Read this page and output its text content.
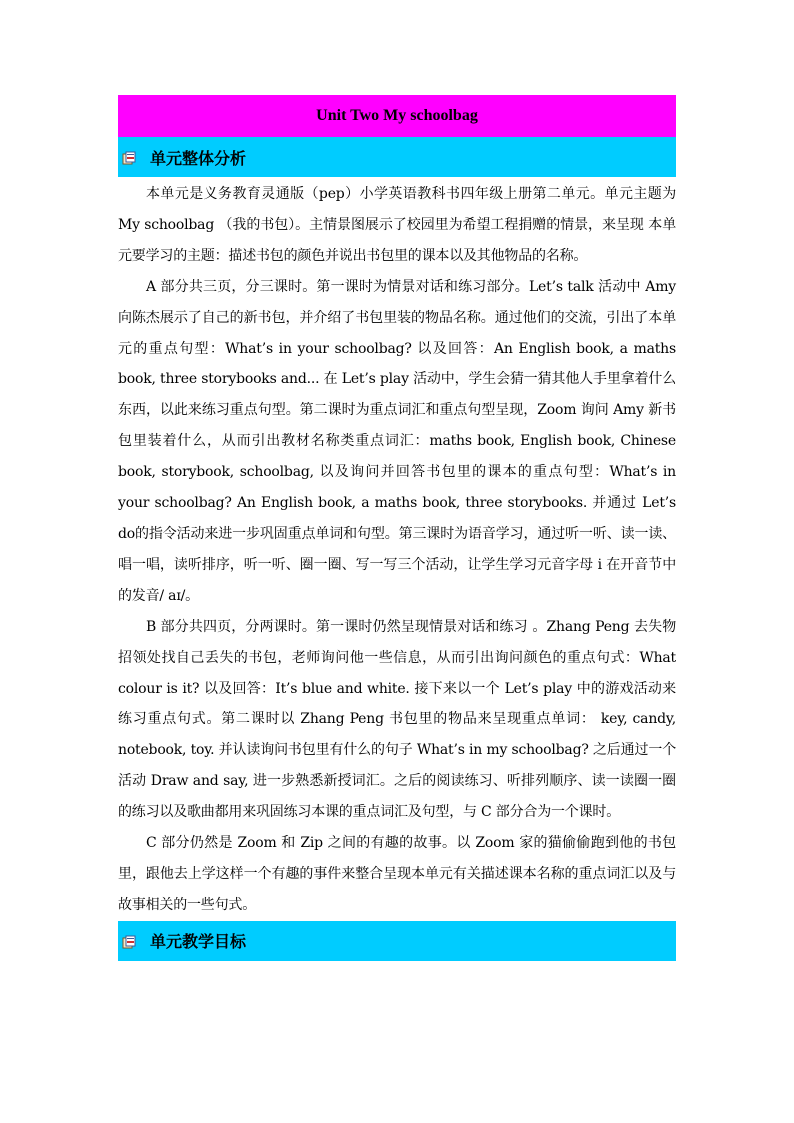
Unit Two My schoolbag
单元整体分析

本单元是义务教育灵通版（pep）小学英语教科书四年级上册第二单元。单元主题为 My schoolbag （我的书包）。主情景图展示了校园里为希望工程捐赠的情景，来呈现 本单元要学习的主题：描述书包的颜色并说出书包里的课本以及其他物品的名称。

A 部分共三页，分三课时。第一课时为情景对话和练习部分。Let’s talk 活动中 Amy 向陈杰展示了自己的新书包，并介绍了书包里装的物品名称。通过他们的交流，引出了本单元的重点句型：What’s in your schoolbag? 以及回答：An English book, a maths book, three storybooks and... 在 Let’s play 活动中，学生会猜一猜其他人手里拿着什么东西，以此来练习重点句型。第二课时为重点词汇和重点句型呈现，Zoom 询问 Amy 新书包里装着什么，从而引出教材名称类重点词汇：maths book, English book, Chinese book, storybook, schoolbag, 以及询问并回答书包里的课本的重点句型：What’s in your schoolbag? An English book, a maths book, three storybooks. 并通过 Let’s do的指令活动来进一步巩固重点单词和句型。第三课时为语音学习，通过听一听、读一读、唱一唱，读听排序，听一听、圈一圈、写一写三个活动，让学生学习元音字母 i 在开音节中的发音/ aɪ/。

B 部分共四页，分两课时。第一课时仍然呈现情景对话和练习 。Zhang Peng 去失物招领处找自己丢失的书包，老师询问他一些信息，从而引出询问颜色的重点句式：What colour is it? 以及回答：It’s blue and white. 接下来以一个 Let’s play 中的游戏活动来练习重点句式。第二课时以 Zhang Peng 书包里的物品来呈现重点单词： key, candy, notebook, toy. 并认读询问书包里有什么的句子 What’s in my schoolbag? 之后通过一个活动 Draw and say, 进一步熟悉新授词汇。之后的阅读练习、听排列顺序、读一读圈一圈的练习以及歌曲都用来巩固练习本课的重点词汇及句型，与 C 部分合为一个课时。

C 部分仍然是 Zoom 和 Zip 之间的有趣的故事。以 Zoom 家的猫偷偷跑到他的书包里，跟他去上学这样一个有趣的事件来整合呈现本单元有关描述课本名称的重点词汇以及与故事相关的一些句式。

单元教学目标
